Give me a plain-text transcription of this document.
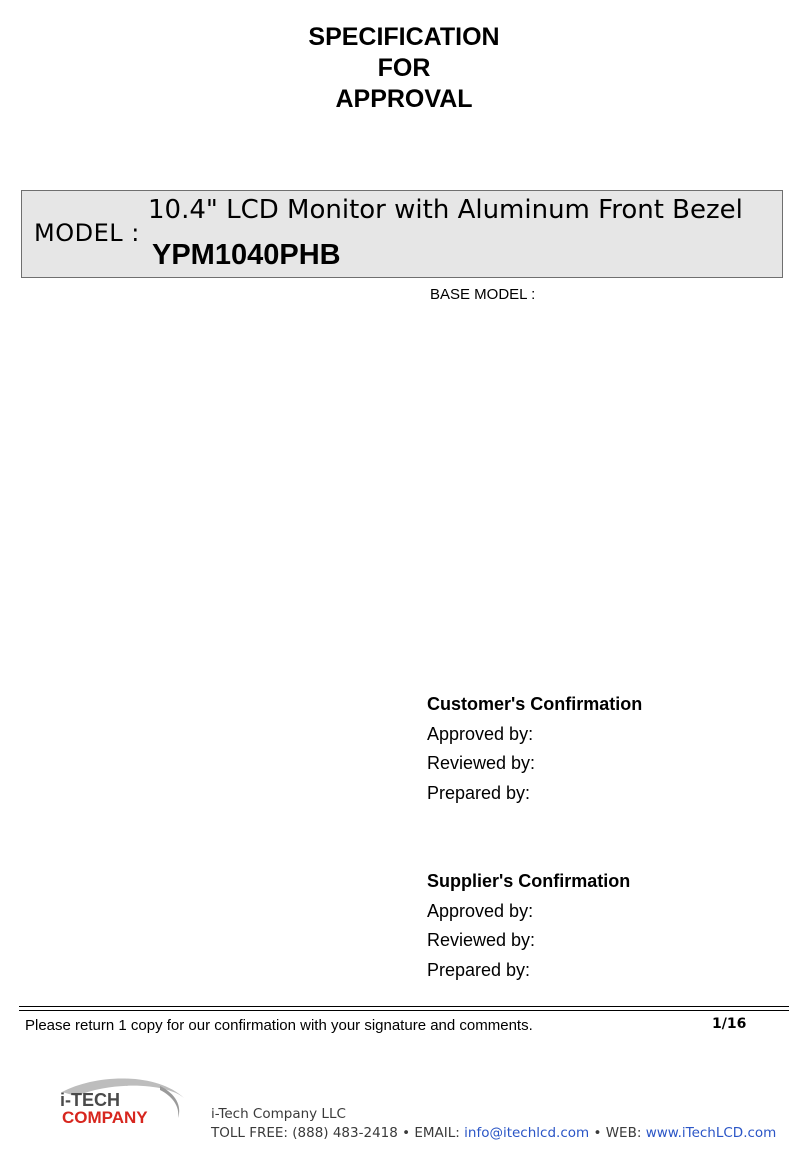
SPECIFICATION
FOR
APPROVAL
MODEL :
10.4" LCD Monitor with Aluminum Front Bezel
YPM1040PHB
BASE MODEL :
Customer's Confirmation
Approved by:
Reviewed by:
Prepared by:
Supplier's Confirmation
Approved by:
Reviewed by:
Prepared by:
Please return 1 copy for our confirmation with your signature and comments.	1/16
i-TECH
COMPANY	i-Tech Company LLC
TOLL FREE: (888) 483-2418 • EMAIL: info@itechlcd.com • WEB: www.iTechLCD.com
